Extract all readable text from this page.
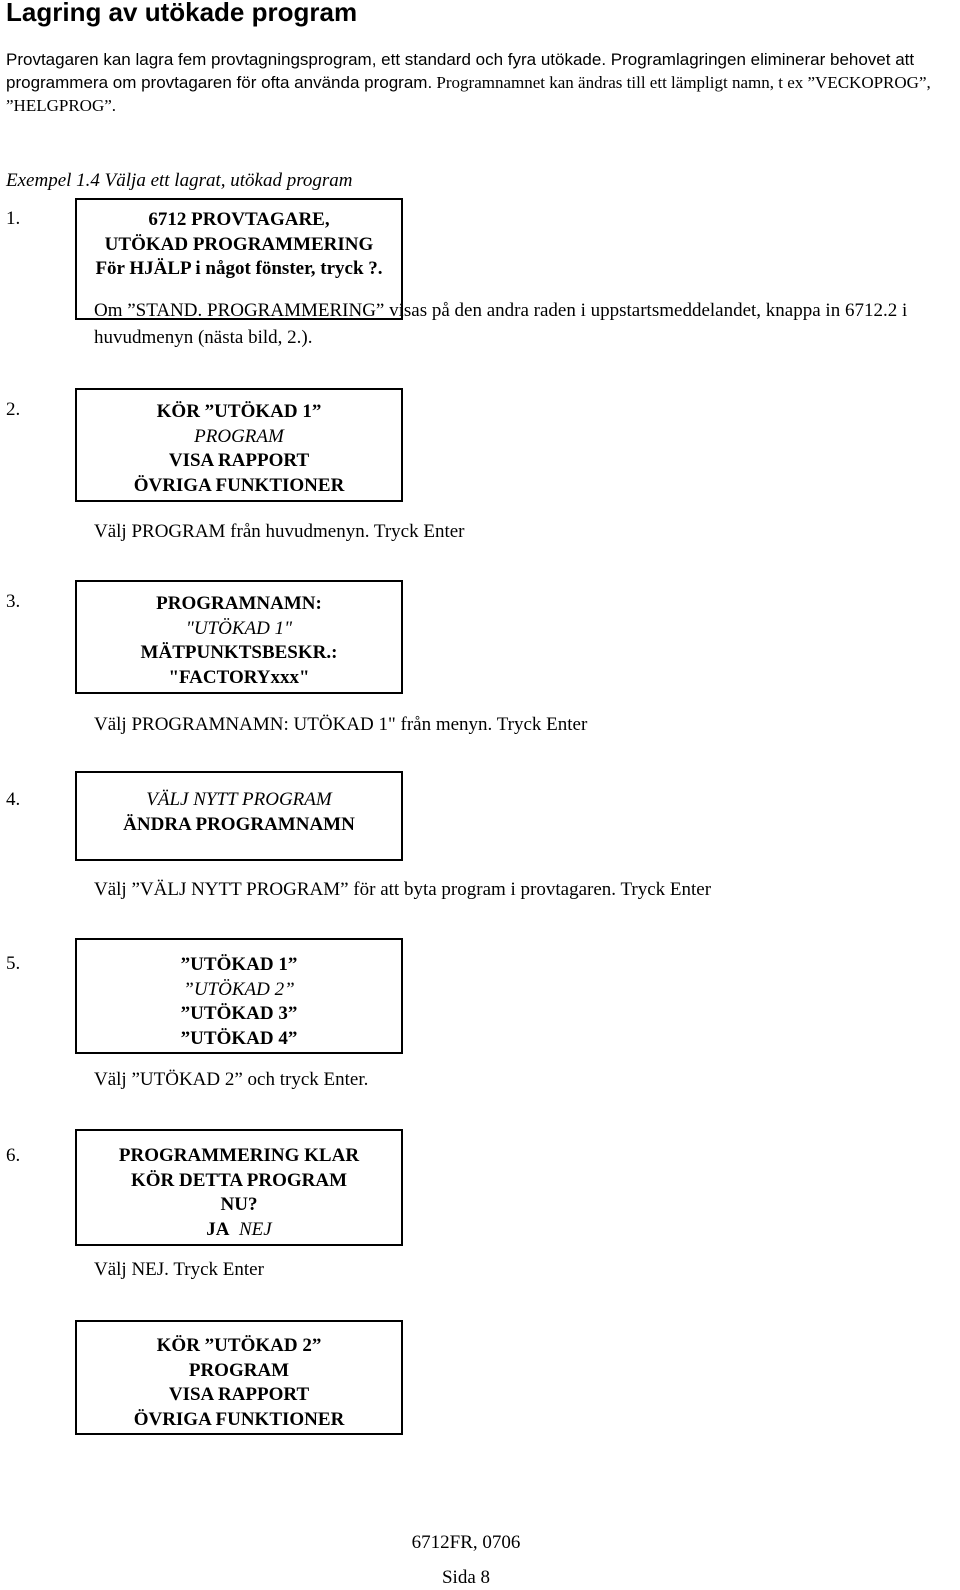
Lagring av utökade program
Provtagaren kan lagra fem provtagningsprogram, ett standard och fyra utökade. Programlagringen eliminerar behovet att programmera om provtagaren för ofta använda program. Programnamnet kan ändras till ett lämpligt namn, t ex ”VECKOPROG”, ”HELGPROG”.
Exempel 1.4 Välja ett lagrat, utökad program
1.	6712 PROVTAGARE,
UTÖKAD PROGRAMMERING
För HJÄLP i något fönster, tryck ?.
Om ”STAND. PROGRAMMERING” visas på den andra raden i uppstartsmeddelandet, knappa in 6712.2 i huvudmenyn (nästa bild, 2.).
2.	KÖR ”UTÖKAD 1”
PROGRAM
VISA RAPPORT
ÖVRIGA FUNKTIONER
Välj PROGRAM från huvudmenyn. Tryck Enter
3.	PROGRAMNAMN:
"UTÖKAD 1"
MÄTPUNKTSBESKR.:
"FACTORYxxx"
Välj PROGRAMNAMN: UTÖKAD 1" från menyn. Tryck Enter
4.	VÄLJ NYTT PROGRAM
ÄNDRA PROGRAMNAMN
Välj ”VÄLJ NYTT PROGRAM” för att byta program i provtagaren. Tryck Enter
5.	”UTÖKAD 1”
”UTÖKAD 2”
”UTÖKAD 3”
”UTÖKAD 4”
Välj ”UTÖKAD 2” och tryck Enter.
6.	PROGRAMMERING KLAR
KÖR DETTA PROGRAM
NU?
JA NEJ
Välj NEJ. Tryck Enter
KÖR ”UTÖKAD 2”
PROGRAM
VISA RAPPORT
ÖVRIGA FUNKTIONER
6712FR, 0706
Sida 8
